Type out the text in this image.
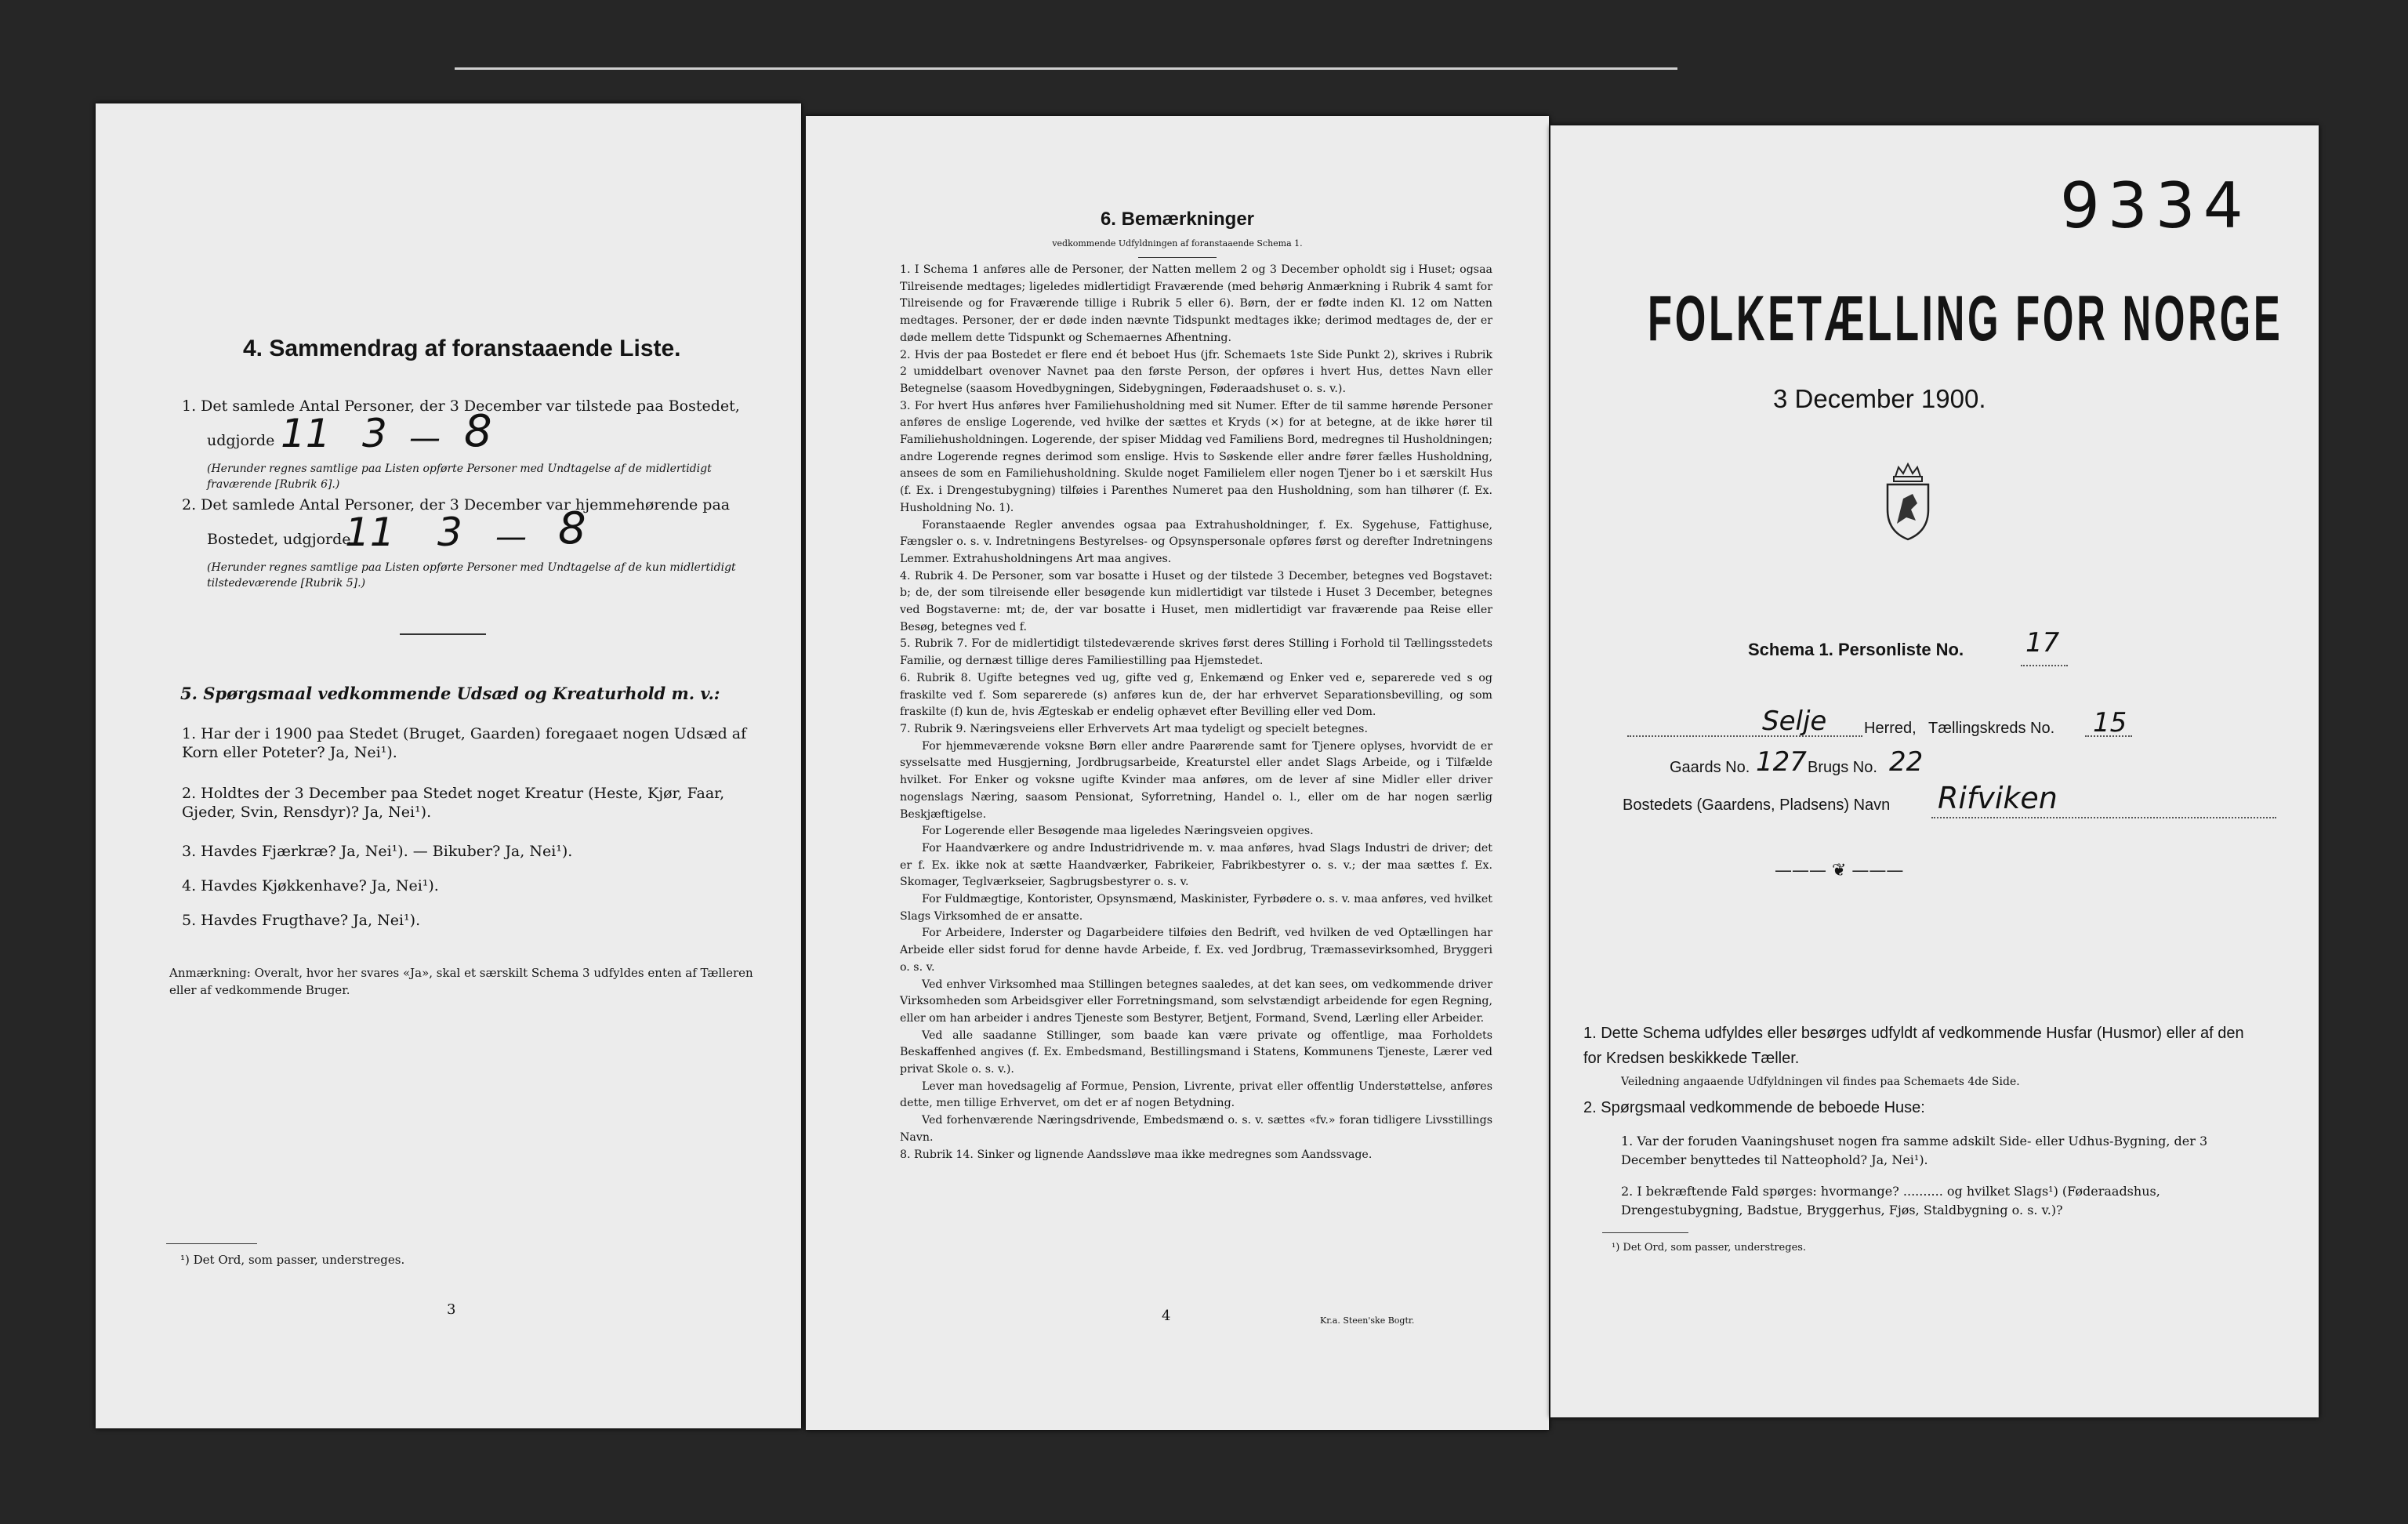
4. Sammendrag af foranstaaende Liste.
1. Det samlede Antal Personer, der 3 December var tilstede paa Bostedet,
udgjorde 11 3 — 8
(Herunder regnes samtlige paa Listen opførte Personer med Undtagelse af de midlertidigt fraværende [Rubrik 6].)
2. Det samlede Antal Personer, der 3 December var hjemmehørende paa
Bostedet, udgjorde
11 3 — 8
(Herunder regnes samtlige paa Listen opførte Personer med Undtagelse af de kun midlertidigt tilstedeværende [Rubrik 5].)
5. Spørgsmaal vedkommende Udsæd og Kreaturhold m. v.:
1. Har der i 1900 paa Stedet (Bruget, Gaarden) foregaaet nogen Udsæd af Korn eller Poteter? Ja, Nei¹).
2. Holdtes der 3 December paa Stedet noget Kreatur (Heste, Kjør, Faar, Gjeder, Svin, Rensdyr)? Ja, Nei¹).
3. Havdes Fjærkræ? Ja, Nei¹). — Bikuber? Ja, Nei¹).
4. Havdes Kjøkkenhave? Ja, Nei¹).
5. Havdes Frugthave? Ja, Nei¹).
Anmærkning: Overalt, hvor her svares «Ja», skal et særskilt Schema 3 udfyldes enten af Tælleren eller af vedkommende Bruger.
¹) Det Ord, som passer, understreges.
3
6. Bemærkninger
vedkommende Udfyldningen af foranstaaende Schema 1.

1. I Schema 1 anføres alle de Personer, der Natten mellem 2 og 3 December opholdt sig i Huset; ogsaa Tilreisende medtages; ligeledes midlertidigt Fraværende (med behørig Anmærkning i Rubrik 4 samt for Tilreisende og for Fraværende tillige i Rubrik 5 eller 6). Børn, der er fødte inden Kl. 12 om Natten medtages. Personer, der er døde inden nævnte Tidspunkt medtages ikke; derimod medtages de, der er døde mellem dette Tidspunkt og Schemaernes Afhentning.

2. Hvis der paa Bostedet er flere end ét beboet Hus (jfr. Schemaets 1ste Side Punkt 2), skrives i Rubrik 2 umiddelbart ovenover Navnet paa den første Person, der opføres i hvert Hus, dettes Navn eller Betegnelse (saasom Hovedbygningen, Sidebygningen, Føderaadshuset o. s. v.).

3. For hvert Hus anføres hver Familiehusholdning med sit Numer. Efter de til samme hørende Personer anføres de enslige Logerende, ved hvilke der sættes et Kryds (×) for at betegne, at de ikke hører til Familiehusholdningen. Logerende, der spiser Middag ved Familiens Bord, medregnes til Husholdningen; andre Logerende regnes derimod som enslige. Hvis to Søskende eller andre fører fælles Husholdning, ansees de som en Familiehusholdning. Skulde noget Familielem eller nogen Tjener bo i et særskilt Hus (f. Ex. i Drengestubygning) tilføies i Parenthes Numeret paa den Husholdning, som han tilhører (f. Ex. Husholdning No. 1).

Foranstaaende Regler anvendes ogsaa paa Extrahusholdninger, f. Ex. Sygehuse, Fattighuse, Fængsler o. s. v. Indretningens Bestyrelses- og Opsynspersonale opføres først og derefter Indretningens Lemmer. Extrahusholdningens Art maa angives.

4. Rubrik 4. De Personer, som var bosatte i Huset og der tilstede 3 December, betegnes ved Bogstavet: b; de, der som tilreisende eller besøgende kun midlertidigt var tilstede i Huset 3 December, betegnes ved Bogstaverne: mt; de, der var bosatte i Huset, men midlertidigt var fraværende paa Reise eller Besøg, betegnes ved f.

5. Rubrik 7. For de midlertidigt tilstedeværende skrives først deres Stilling i Forhold til Tællingsstedets Familie, og dernæst tillige deres Familiestilling paa Hjemstedet.

6. Rubrik 8. Ugifte betegnes ved ug, gifte ved g, Enkemænd og Enker ved e, separerede ved s og fraskilte ved f. Som separerede (s) anføres kun de, der har erhvervet Separationsbevilling, og som fraskilte (f) kun de, hvis Ægteskab er endelig ophævet efter Bevilling eller ved Dom.

7. Rubrik 9. Næringsveiens eller Erhvervets Art maa tydeligt og specielt betegnes.

For hjemmeværende voksne Børn eller andre Paarørende samt for Tjenere oplyses, hvorvidt de er sysselsatte med Husgjerning, Jordbrugsarbeide, Kreaturstel eller andet Slags Arbeide, og i Tilfælde hvilket. For Enker og voksne ugifte Kvinder maa anføres, om de lever af sine Midler eller driver nogenslags Næring, saasom Pensionat, Syforretning, Handel o. l., eller om de har nogen særlig Beskjæftigelse.

For Logerende eller Besøgende maa ligeledes Næringsveien opgives.

For Haandværkere og andre Industridrivende m. v. maa anføres, hvad Slags Industri de driver; det er f. Ex. ikke nok at sætte Haandværker, Fabrikeier, Fabrikbestyrer o. s. v.; der maa sættes f. Ex. Skomager, Teglværkseier, Sagbrugsbestyrer o. s. v.

For Fuldmægtige, Kontorister, Opsynsmænd, Maskinister, Fyrbødere o. s. v. maa anføres, ved hvilket Slags Virksomhed de er ansatte.

For Arbeidere, Inderster og Dagarbeidere tilføies den Bedrift, ved hvilken de ved Optællingen har Arbeide eller sidst forud for denne havde Arbeide, f. Ex. ved Jordbrug, Træmassevirksomhed, Bryggeri o. s. v.

Ved enhver Virksomhed maa Stillingen betegnes saaledes, at det kan sees, om vedkommende driver Virksomheden som Arbeidsgiver eller Forretningsmand, som selvstændigt arbeidende for egen Regning, eller om han arbeider i andres Tjeneste som Bestyrer, Betjent, Formand, Svend, Lærling eller Arbeider.

Ved alle saadanne Stillinger, som baade kan være private og offentlige, maa Forholdets Beskaffenhed angives (f. Ex. Embedsmand, Bestillingsmand i Statens, Kommunens Tjeneste, Lærer ved privat Skole o. s. v.).

Lever man hovedsagelig af Formue, Pension, Livrente, privat eller offentlig Understøttelse, anføres dette, men tillige Erhvervet, om det er af nogen Betydning.

Ved forhenværende Næringsdrivende, Embedsmænd o. s. v. sættes «fv.» foran tidligere Livsstillings Navn.

8. Rubrik 14. Sinker og lignende Aandssløve maa ikke medregnes som Aandssvage.

4	Kr.a. Steen'ske Bogtr.
9334
FOLKETÆLLING FOR NORGE
3 December 1900.
Schema 1. Personliste No. 17
Selje Herred, Tællingskreds No. 15
Gaards No. 127 Brugs No. 22
Bostedets (Gaardens, Pladsens) Navn Rifviken
——— ❦ ———
1. Dette Schema udfyldes eller besørges udfyldt af vedkommende Husfar (Husmor) eller af den for Kredsen beskikkede Tæller.
Veiledning angaaende Udfyldningen vil findes paa Schemaets 4de Side.
2. Spørgsmaal vedkommende de beboede Huse:
1. Var der foruden Vaaningshuset nogen fra samme adskilt Side- eller Udhus-Bygning, der 3 December benyttedes til Natteophold? Ja, Nei¹).
2. I bekræftende Fald spørges: hvormange? .......... og hvilket Slags¹) (Føderaadshus, Drengestubygning, Badstue, Bryggerhus, Fjøs, Staldbygning o. s. v.)?
¹) Det Ord, som passer, understreges.
